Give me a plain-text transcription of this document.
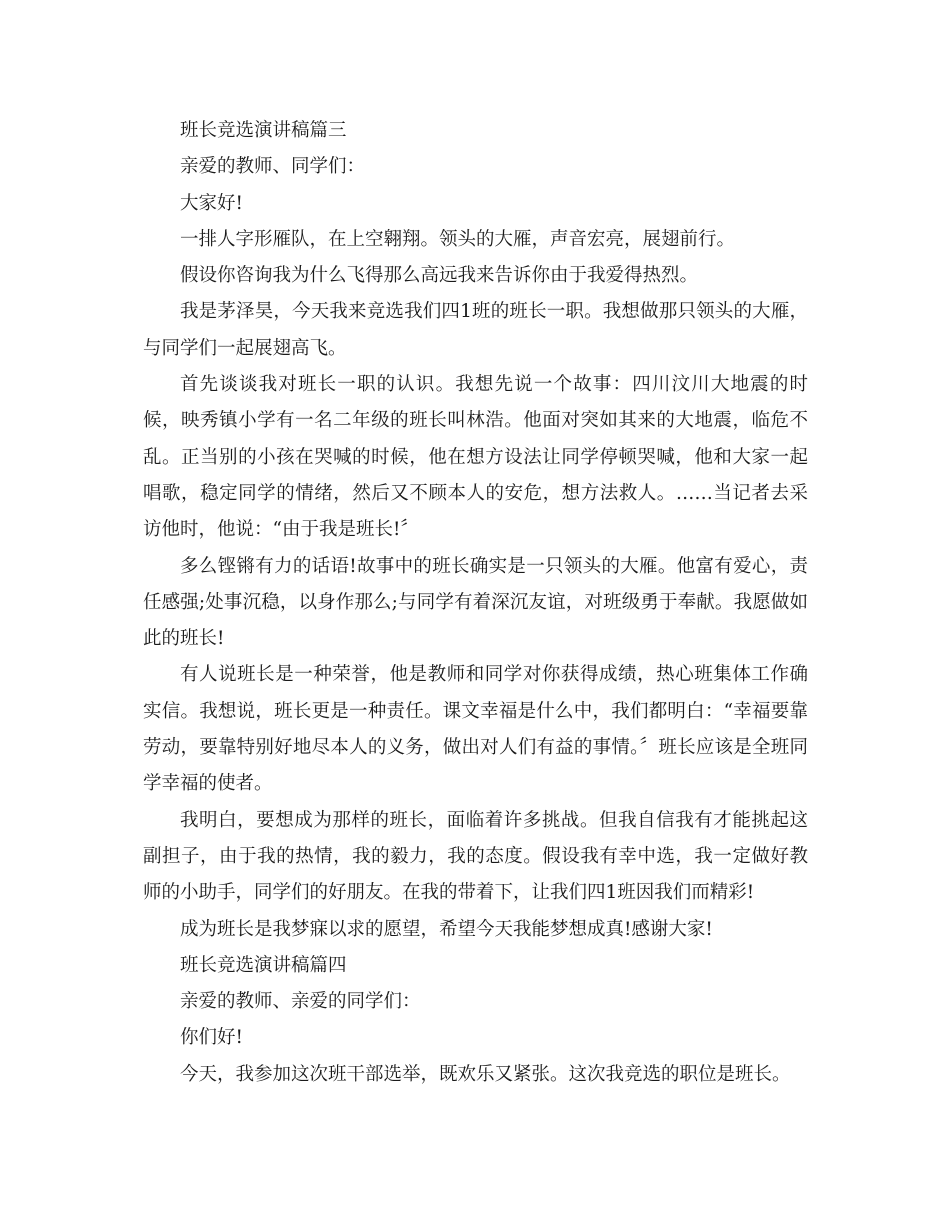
班长竞选演讲稿篇三

亲爱的教师、同学们：

大家好!

一排人字形雁队，在上空翱翔。领头的大雁，声音宏亮，展翅前行。

假设你咨询我为什么飞得那么高远我来告诉你由于我爱得热烈。

我是茅泽昊，今天我来竞选我们四1班的班长一职。我想做那只领头的大雁，与同学们一起展翅高飞。

首先谈谈我对班长一职的认识。我想先说一个故事：四川汶川大地震的时候，映秀镇小学有一名二年级的班长叫林浩。他面对突如其来的大地震，临危不乱。正当别的小孩在哭喊的时候，他在想方设法让同学停顿哭喊，他和大家一起唱歌，稳定同学的情绪，然后又不顾本人的安危，想方法救人。……当记者去采访他时，他说：“由于我是班长!〞

多么铿锵有力的话语!故事中的班长确实是一只领头的大雁。他富有爱心，责任感强;处事沉稳，以身作那么;与同学有着深沉友谊，对班级勇于奉献。我愿做如此的班长!

有人说班长是一种荣誉，他是教师和同学对你获得成绩，热心班集体工作确实信。我想说，班长更是一种责任。课文幸福是什么中，我们都明白：“幸福要靠劳动，要靠特别好地尽本人的义务，做出对人们有益的事情。〞班长应该是全班同学幸福的使者。

我明白，要想成为那样的班长，面临着许多挑战。但我自信我有才能挑起这副担子，由于我的热情，我的毅力，我的态度。假设我有幸中选，我一定做好教师的小助手，同学们的好朋友。在我的带着下，让我们四1班因我们而精彩!

成为班长是我梦寐以求的愿望，希望今天我能梦想成真!感谢大家!

班长竞选演讲稿篇四

亲爱的教师、亲爱的同学们：

你们好!

今天，我参加这次班干部选举，既欢乐又紧张。这次我竞选的职位是班长。
